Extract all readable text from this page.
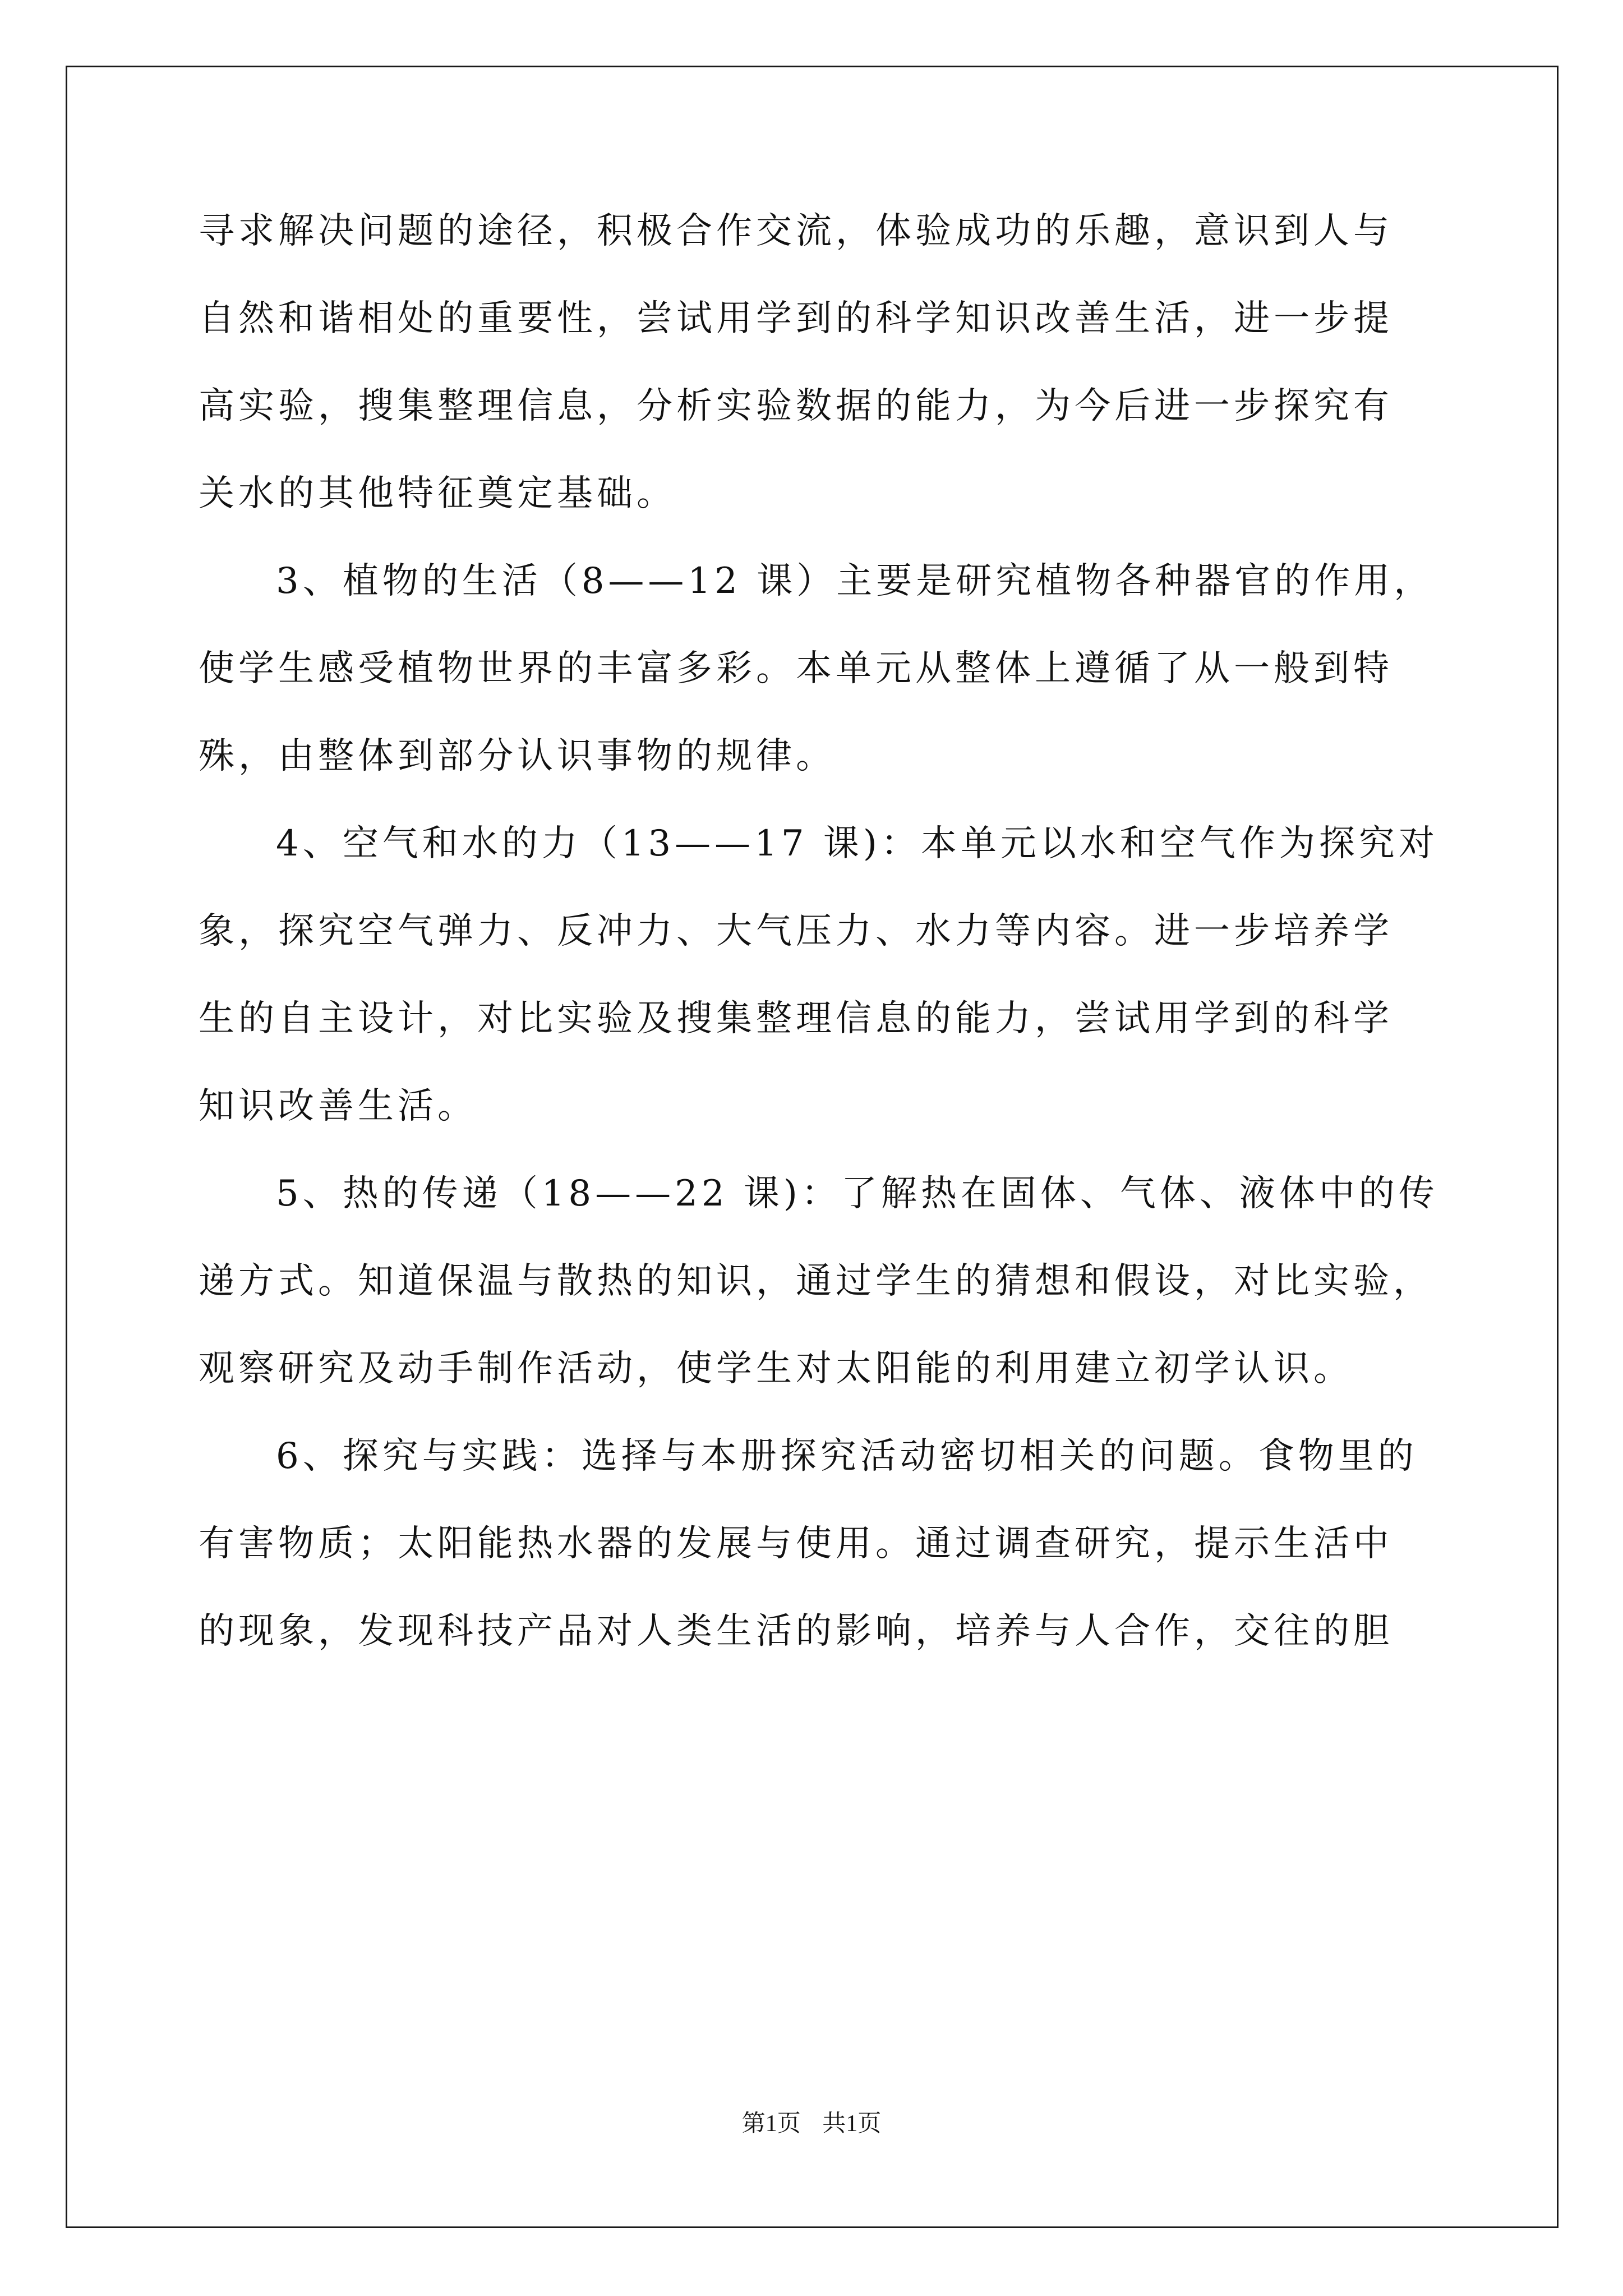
寻求解决问题的途径，积极合作交流，体验成功的乐趣，意识到人与
自然和谐相处的重要性，尝试用学到的科学知识改善生活，进一步提
高实验，搜集整理信息，分析实验数据的能力，为今后进一步探究有
关水的其他特征奠定基础。
3、植物的生活（8——12 课）主要是研究植物各种器官的作用，
使学生感受植物世界的丰富多彩。本单元从整体上遵循了从一般到特
殊，由整体到部分认识事物的规律。
4、空气和水的力（13——17 课)：本单元以水和空气作为探究对
象，探究空气弹力、反冲力、大气压力、水力等内容。进一步培养学
生的自主设计，对比实验及搜集整理信息的能力，尝试用学到的科学
知识改善生活。
5、热的传递（18——22 课)：了解热在固体、气体、液体中的传
递方式。知道保温与散热的知识，通过学生的猜想和假设，对比实验，
观察研究及动手制作活动，使学生对太阳能的利用建立初学认识。
6、探究与实践：选择与本册探究活动密切相关的问题。食物里的
有害物质；太阳能热水器的发展与使用。通过调查研究，提示生活中
的现象，发现科技产品对人类生活的影响，培养与人合作，交往的胆
第1页 共1页
